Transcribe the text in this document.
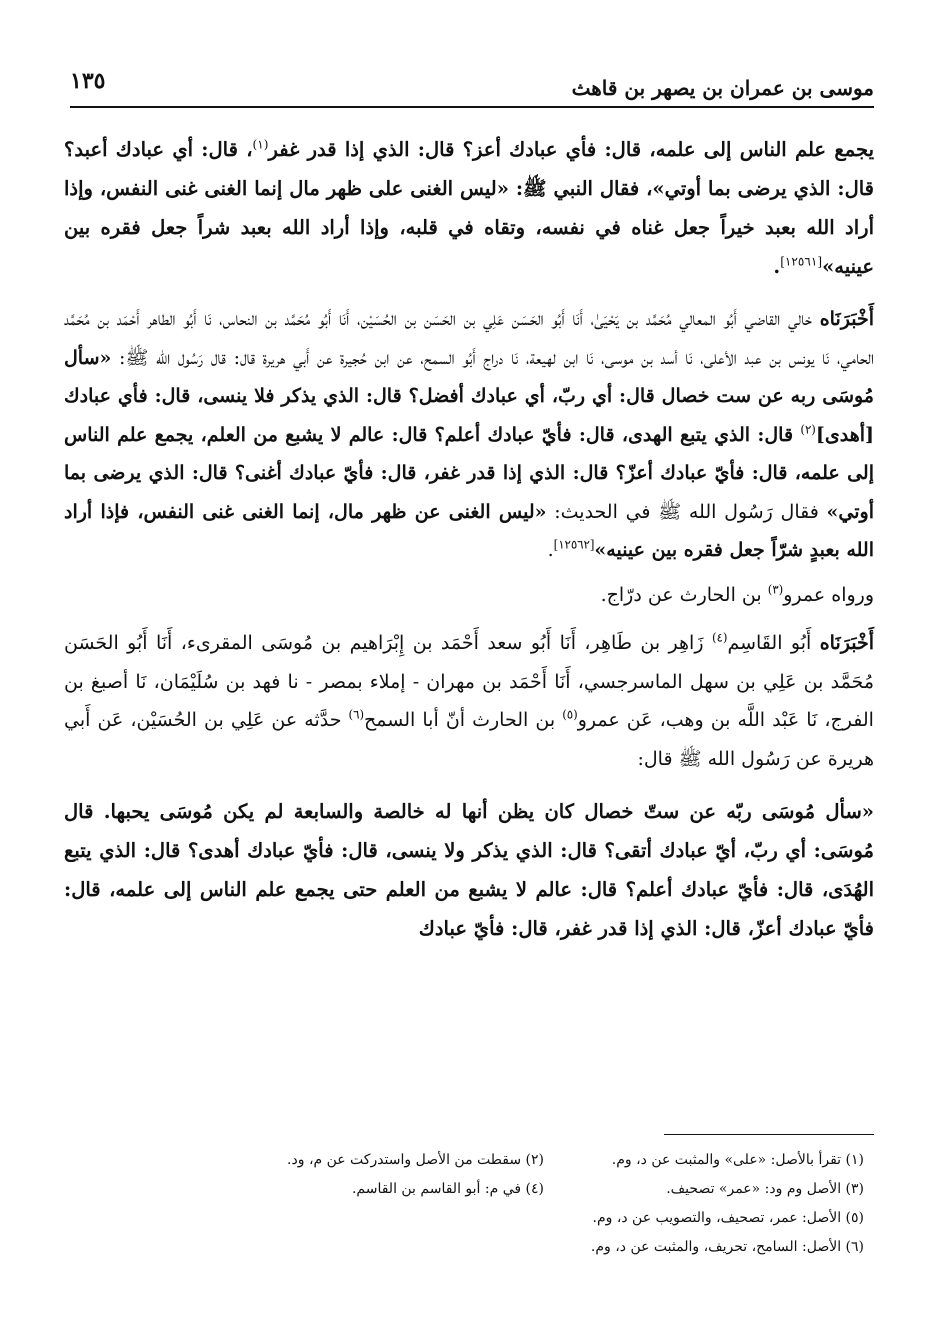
موسى بن عمران بن يصهر بن قاهث
١٣٥

يجمع علم الناس إلى علمه، قال: فأي عبادك أعز؟ قال: الذي إذا قدر غفر$^{(١)}$، قال: أي عبادك أعبد؟ قال: الذي يرضى بما أوتي»، فقال النبي ﷺ: «ليس الغنى على ظهر مال إنما الغنى غنى النفس، وإذا أراد الله بعبد خيراً جعل غناه في نفسه، وتقاه في قلبه، وإذا أراد الله بعبد شراً جعل فقره بين عينيه»[١٢٥٦١].

أَخْبَرَنَاه خالي القاضي أَبُو المعالي مُحَمَّد بن يَحْيَىٰ، أَنَا أَبُو الحَسَن عَلِي بن الحَسَن بن الحُسَيْن، أَنَا أَبُو مُحَمَّد بن النحاس، نَا أَبُو الطاهر أَحْمَد بن مُحَمَّد الحامي، نَا يونس بن عبد الأعلى، نَا أسد بن موسى، نَا ابن لهيعة، نَا دراج أَبُو السمح، عن ابن حُجيرة عن أَبي هريرة قال: قال رَسُول الله ﷺ: «سأل مُوسَى ربه عن ست خصال قال: أي ربّ، أي عبادك أفضل؟ قال: الذي يذكر فلا ينسى، قال: فأي عبادك [أهدى]$^{(٢)}$ قال: الذي يتبع الهدى، قال: فأيّ عبادك أعلم؟ قال: عالم لا يشبع من العلم، يجمع علم الناس إلى علمه، قال: فأيّ عبادك أعزّ؟ قال: الذي إذا قدر غفر، قال: فأيّ عبادك أغنى؟ قال: الذي يرضى بما أوتي» فقال رَسُول الله ﷺ في الحديث: «ليس الغنى عن ظهر مال، إنما الغنى غنى النفس، فإذا أراد الله بعبدٍ شرّاً جعل فقره بين عينيه»[١٢٥٦٢].

ورواه عمرو$^{(٣)}$ بن الحارث عن درّاج.

أَخْبَرَنَاه أَبُو القَاسِم$^{(٤)}$ زَاهِر بن طَاهِر، أَنَا أَبُو سعد أَحْمَد بن إِبْرَاهيم بن مُوسَى المقرىء، أَنَا أَبُو الحَسَن مُحَمَّد بن عَلِي بن سهل الماسرجسي، أَنَا أَحْمَد بن مهران - إملاء بمصر - نا فهد بن سُلَيْمَان، نَا أصبغ بن الفرج، نَا عَبْد اللَّه بن وهب، عَن عمرو$^{(٥)}$ بن الحارث أنّ أبا السمح$^{(٦)}$ حدَّثه عن عَلِي بن الحُسَيْن، عَن أَبي هريرة عن رَسُول الله ﷺ قال:

«سأل مُوسَى ربّه عن ستّ خصال كان يظن أنها له خالصة والسابعة لم يكن مُوسَى يحبها. قال مُوسَى: أي ربّ، أيّ عبادك أتقى؟ قال: الذي يذكر ولا ينسى، قال: فأيّ عبادك أهدى؟ قال: الذي يتبع الهُدَى، قال: فأيّ عبادك أعلم؟ قال: عالم لا يشبع من العلم حتى يجمع علم الناس إلى علمه، قال: فأيّ عبادك أعزّ، قال: الذي إذا قدر غفر، قال: فأيّ عبادك

(١) تقرأ بالأصل: «على» والمثبت عن د، وم.
(٢) سقطت من الأصل واستدركت عن م، ود.
(٣) الأصل وم ود: «عمر» تصحيف.
(٤) في م: أبو القاسم بن القاسم.
(٥) الأصل: عمر، تصحيف، والتصويب عن د، وم.
(٦) الأصل: السامح، تحريف، والمثبت عن د، وم.
